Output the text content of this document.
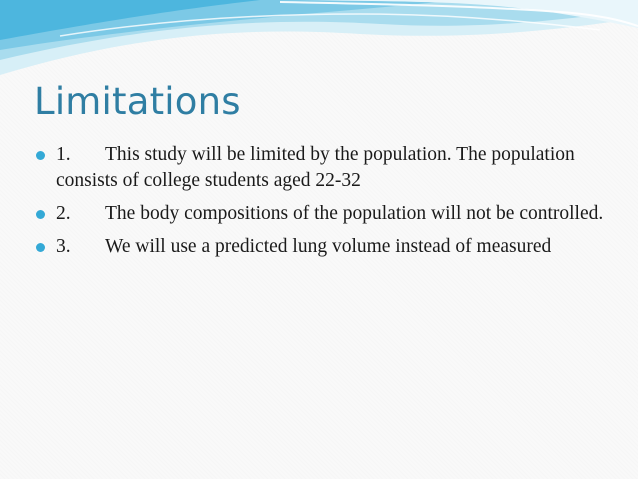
Limitations
1. This study will be limited by the population. The population consists of college students aged 22-32
2. The body compositions of the population will not be controlled.
3. We will use a predicted lung volume instead of measured
